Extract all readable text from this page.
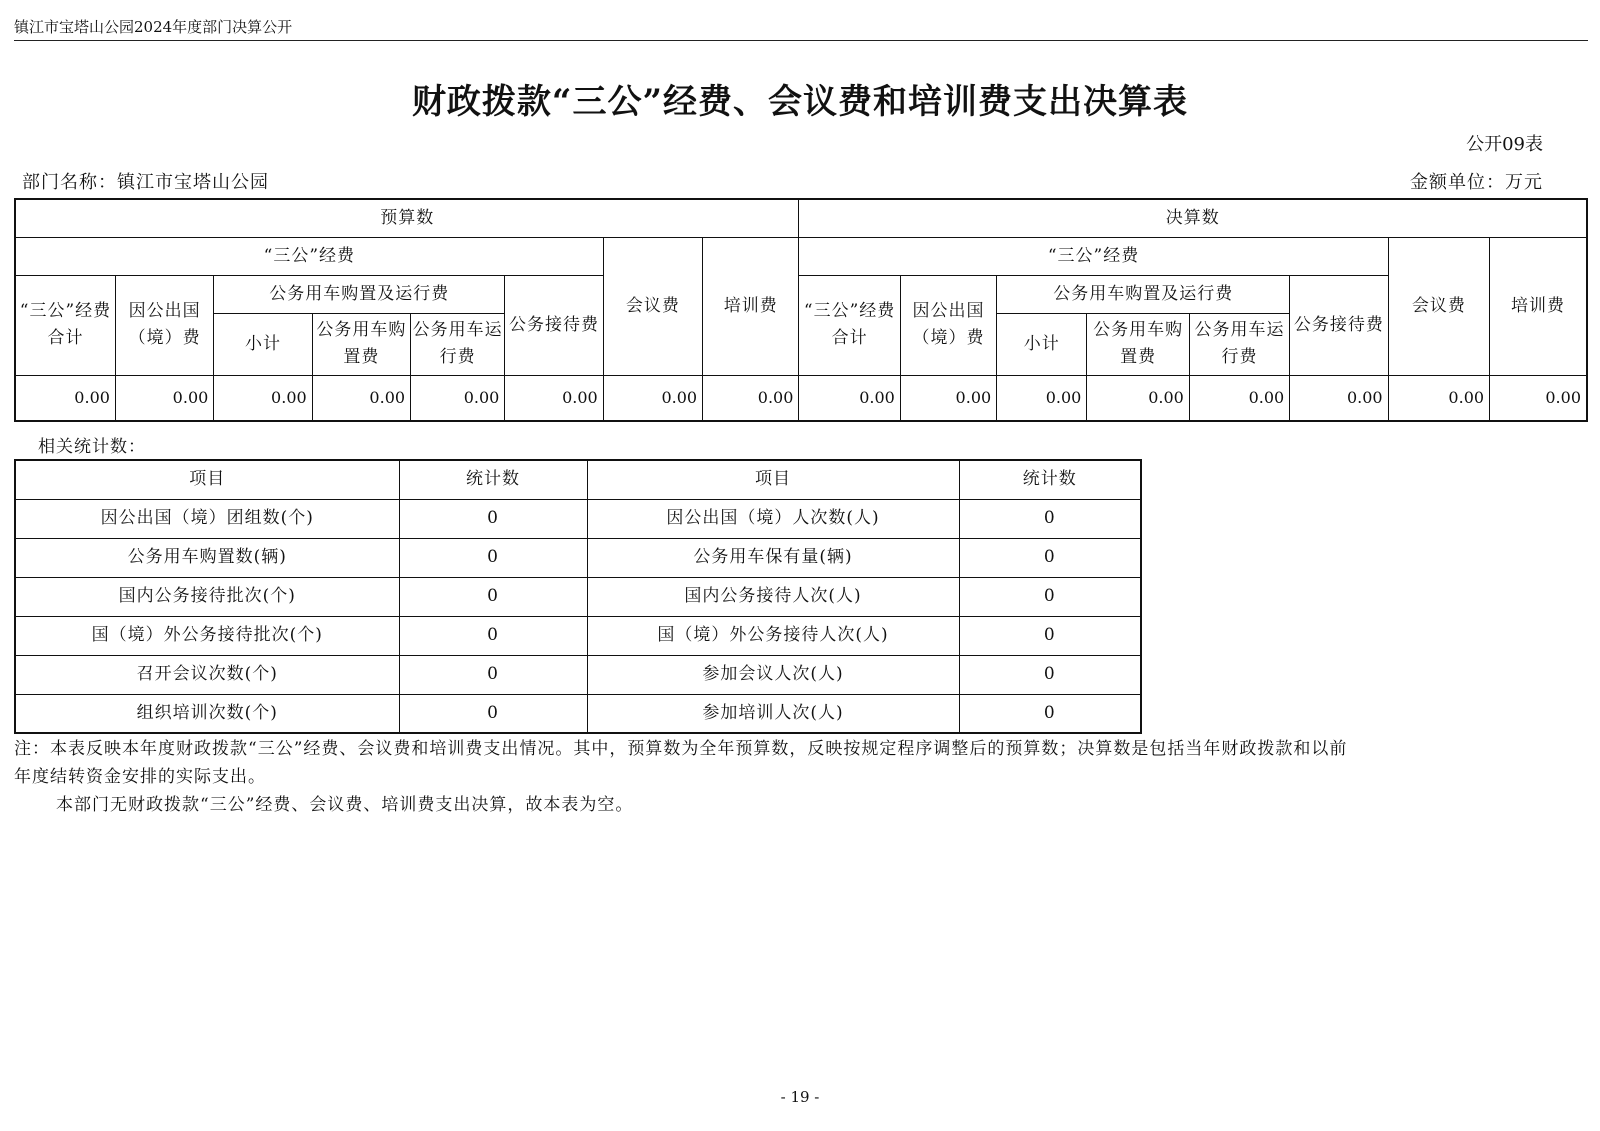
镇江市宝塔山公园2024年度部门决算公开
财政拨款“三公”经费、会议费和培训费支出决算表
公开09表
部门名称：镇江市宝塔山公园	金额单位：万元
预算数								决算数							
“三公”经费						会议费	培训费	“三公”经费						会议费	培训费
“三公”经费合计	因公出国（境）费	公务用车购置及运行费			公务接待费			“三公”经费合计	因公出国（境）费	公务用车购置及运行费			公务接待费		
		小计	公务用车购置费	公务用车运行费						小计	公务用车购置费	公务用车运行费			
0.00	0.00	0.00	0.00	0.00	0.00	0.00	0.00	0.00	0.00	0.00	0.00	0.00	0.00	0.00	0.00
相关统计数：
项目	统计数	项目	统计数
因公出国（境）团组数(个)	0	因公出国（境）人次数(人)	0
公务用车购置数(辆)	0	公务用车保有量(辆)	0
国内公务接待批次(个)	0	国内公务接待人次(人)	0
国（境）外公务接待批次(个)	0	国（境）外公务接待人次(人)	0
召开会议次数(个)	0	参加会议人次(人)	0
组织培训次数(个)	0	参加培训人次(人)	0
注：本表反映本年度财政拨款“三公”经费、会议费和培训费支出情况。其中，预算数为全年预算数，反映按规定程序调整后的预算数；决算数是包括当年财政拨款和以前
年度结转资金安排的实际支出。
本部门无财政拨款“三公”经费、会议费、培训费支出决算，故本表为空。
- 19 -
